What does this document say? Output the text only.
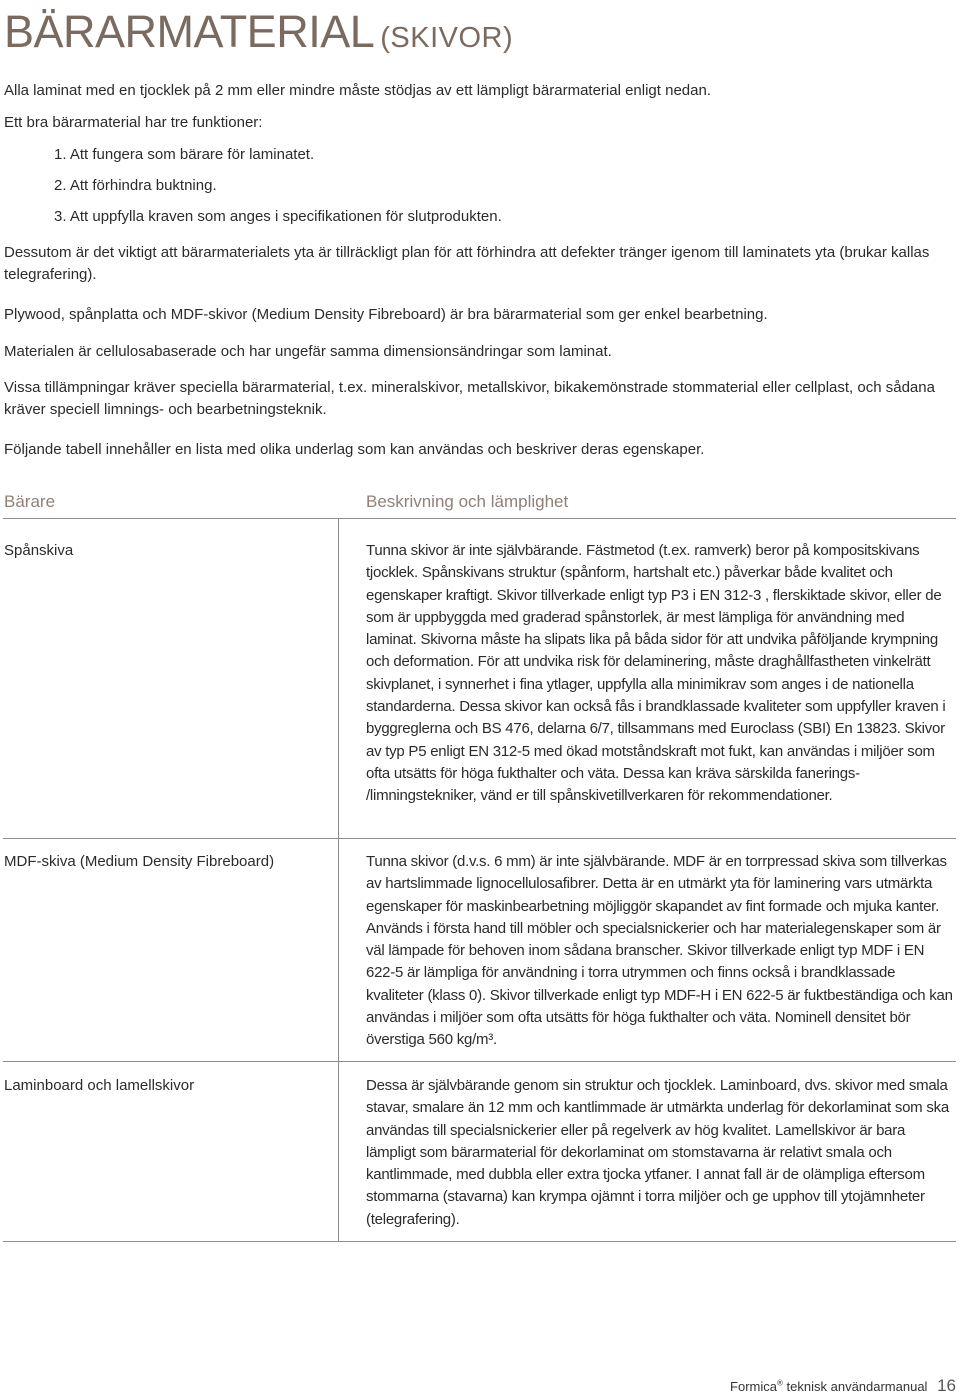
BÄRARMATERIAL (SKIVOR)

Alla laminat med en tjocklek på 2 mm eller mindre måste stödjas av ett lämpligt bärarmaterial enligt nedan.

Ett bra bärarmaterial har tre funktioner:

1. Att fungera som bärare för laminatet.

2. Att förhindra buktning.

3. Att uppfylla kraven som anges i specifikationen för slutprodukten.

Dessutom är det viktigt att bärarmaterialets yta är tillräckligt plan för att förhindra att defekter tränger igenom till laminatets yta (brukar kallas telegrafering).

Plywood, spånplatta och MDF-skivor (Medium Density Fibreboard) är bra bärarmaterial som ger enkel bearbetning.

Materialen är cellulosabaserade och har ungefär samma dimensionsändringar som laminat.

Vissa tillämpningar kräver speciella bärarmaterial, t.ex. mineralskivor, metallskivor, bikakemönstrade stommaterial eller cellplast, och sådana kräver speciell limnings- och bearbetningsteknik.

Följande tabell innehåller en lista med olika underlag som kan användas och beskriver deras egenskaper.

Bärare	Beskrivning och lämplighet

Spånskiva	Tunna skivor är inte självbärande. Fästmetod (t.ex. ramverk) beror på kompositskivans tjocklek. Spånskivans struktur (spånform, hartshalt etc.) påverkar både kvalitet och egenskaper kraftigt. Skivor tillverkade enligt typ P3 i EN 312-3 , flerskiktade skivor, eller de som är uppbyggda med graderad spånstorlek, är mest lämpliga för användning med laminat. Skivorna måste ha slipats lika på båda sidor för att undvika påföljande krympning och deformation. För att undvika risk för delaminering, måste draghållfastheten vinkelrätt skivplanet, i synnerhet i fina ytlager, uppfylla alla minimikrav som anges i de nationella standarderna. Dessa skivor kan också fås i brandklassade kvaliteter som uppfyller kraven i byggreglerna och BS 476, delarna 6/7, tillsammans med Euroclass (SBI) En 13823. Skivor av typ P5 enligt EN 312-5 med ökad motståndskraft mot fukt, kan användas i miljöer som ofta utsätts för höga fukthalter och väta. Dessa kan kräva särskilda fanerings- /limningstekniker, vänd er till spånskivetillverkaren för rekommendationer.

MDF-skiva (Medium Density Fibreboard)	Tunna skivor (d.v.s. 6 mm) är inte självbärande. MDF är en torrpressad skiva som tillverkas av hartslimmade lignocellulosafibrer. Detta är en utmärkt yta för laminering vars utmärkta egenskaper för maskinbearbetning möjliggör skapandet av fint formade och mjuka kanter. Används i första hand till möbler och specialsnickerier och har materialegenskaper som är väl lämpade för behoven inom sådana branscher. Skivor tillverkade enligt typ MDF i EN 622-5 är lämpliga för användning i torra utrymmen och finns också i brandklassade kvaliteter (klass 0). Skivor tillverkade enligt typ MDF-H i EN 622-5 är fuktbeständiga och kan användas i miljöer som ofta utsätts för höga fukthalter och väta. Nominell densitet bör överstiga 560 kg/m³.

Laminboard och lamellskivor	Dessa är självbärande genom sin struktur och tjocklek. Laminboard, dvs. skivor med smala stavar, smalare än 12 mm och kantlimmade är utmärkta underlag för dekorlaminat som ska användas till specialsnickerier eller på regelverk av hög kvalitet. Lamellskivor är bara lämpligt som bärarmaterial för dekorlaminat om stomstavarna är relativt smala och kantlimmade, med dubbla eller extra tjocka ytfaner. I annat fall är de olämpliga eftersom stommarna (stavarna) kan krympa ojämnt i torra miljöer och ge upphov till ytojämnheter (telegrafering).

Formica® teknisk användarmanual 16
